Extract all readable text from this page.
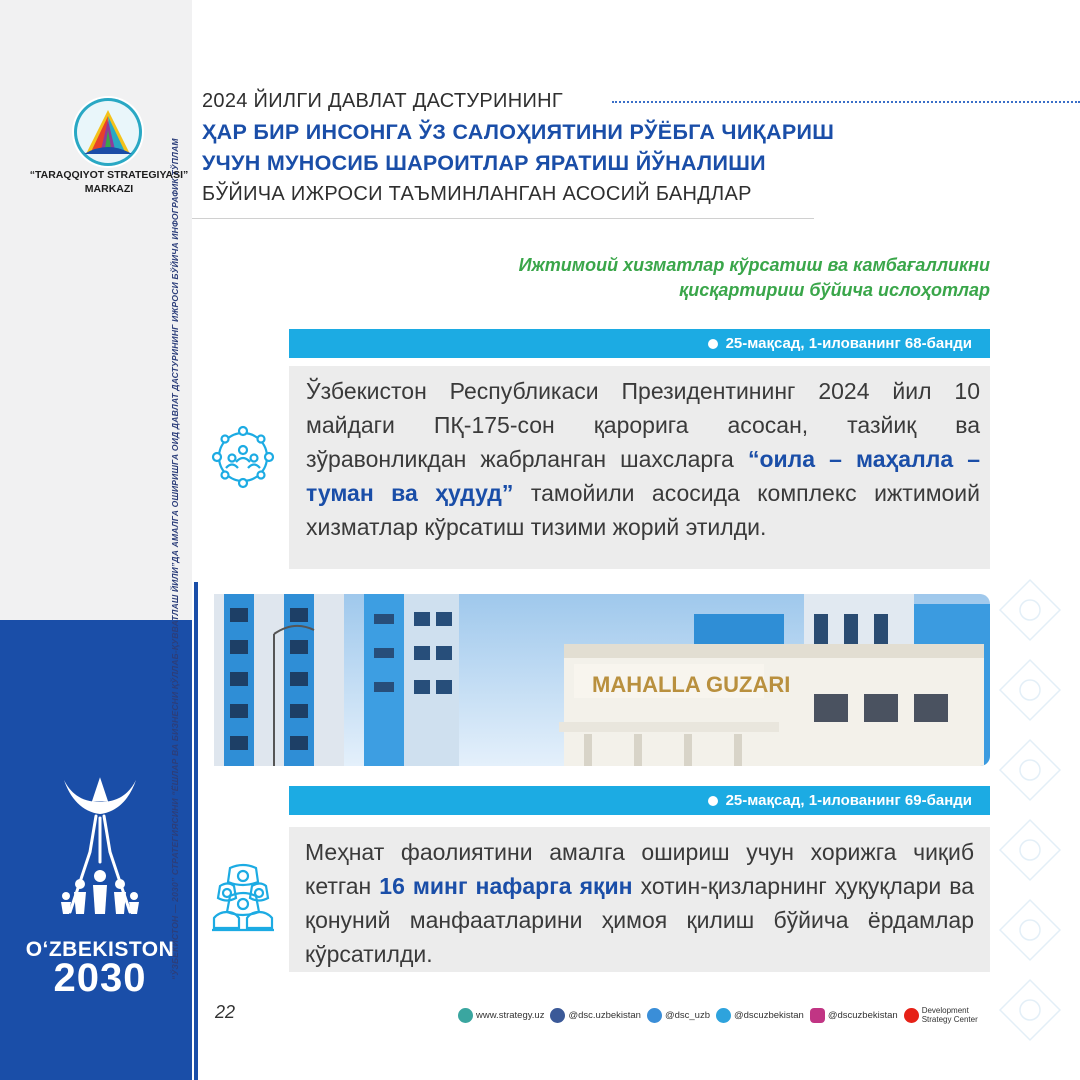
“ЎЗБЕКИСТОН — 2030” СТРАТЕГИЯСИНИ “ЁШЛАР ВА БИЗНЕСНИ ҚЎЛЛАБ-ҚУВВАТЛАШ ЙИЛИ”ДА АМАЛГА ОШИРИШГА ОИД ДАВЛАТ ДАСТУРИНИНГ ИЖРОСИ БЎЙИЧА ИНФОГРАФИК ТЎПЛАМ
“TARAQQIYOT STRATEGIYASI”
MARKAZI
O‘ZBEKISTON
2030
2024 ЙИЛГИ ДАВЛАТ ДАСТУРИНИНГ
ҲАР БИР ИНСОНГА ЎЗ САЛОҲИЯТИНИ РЎЁБГА ЧИҚАРИШ
УЧУН МУНОСИБ ШАРОИТЛАР ЯРАТИШ ЙЎНАЛИШИ
БЎЙИЧА ИЖРОСИ ТАЪМИНЛАНГАН АСОСИЙ БАНДЛАР
Ижтимоий хизматлар кўрсатиш ва камбағалликни
қисқартириш бўйича ислоҳотлар
25-мақсад, 1-илованинг 68-банди

Ўзбекистон Республикаси Президентининг 2024 йил 10 майдаги ПҚ-175-сон қарорига асосан, тазйиқ ва зўравонликдан жабрланган шахсларга “оила – маҳалла – туман ва ҳудуд” тамойили асосида комплекс ижтимоий хизматлар кўрсатиш тизими жорий этилди.

MAHALLA GUZARI
25-мақсад, 1-илованинг 69-банди

Меҳнат фаолиятини амалга ошириш учун хорижга чиқиб кетган 16 минг нафарга яқин хотин-қизларнинг ҳуқуқлари ва қонуний манфаатларини ҳимоя қилиш бўйича ёрдамлар кўрсатилди.

22	www.strategy.uz	@dsc.uzbekistan	@dsc_uzb	@dscuzbekistan	@dscuzbekistan	Development
Strategy Center
